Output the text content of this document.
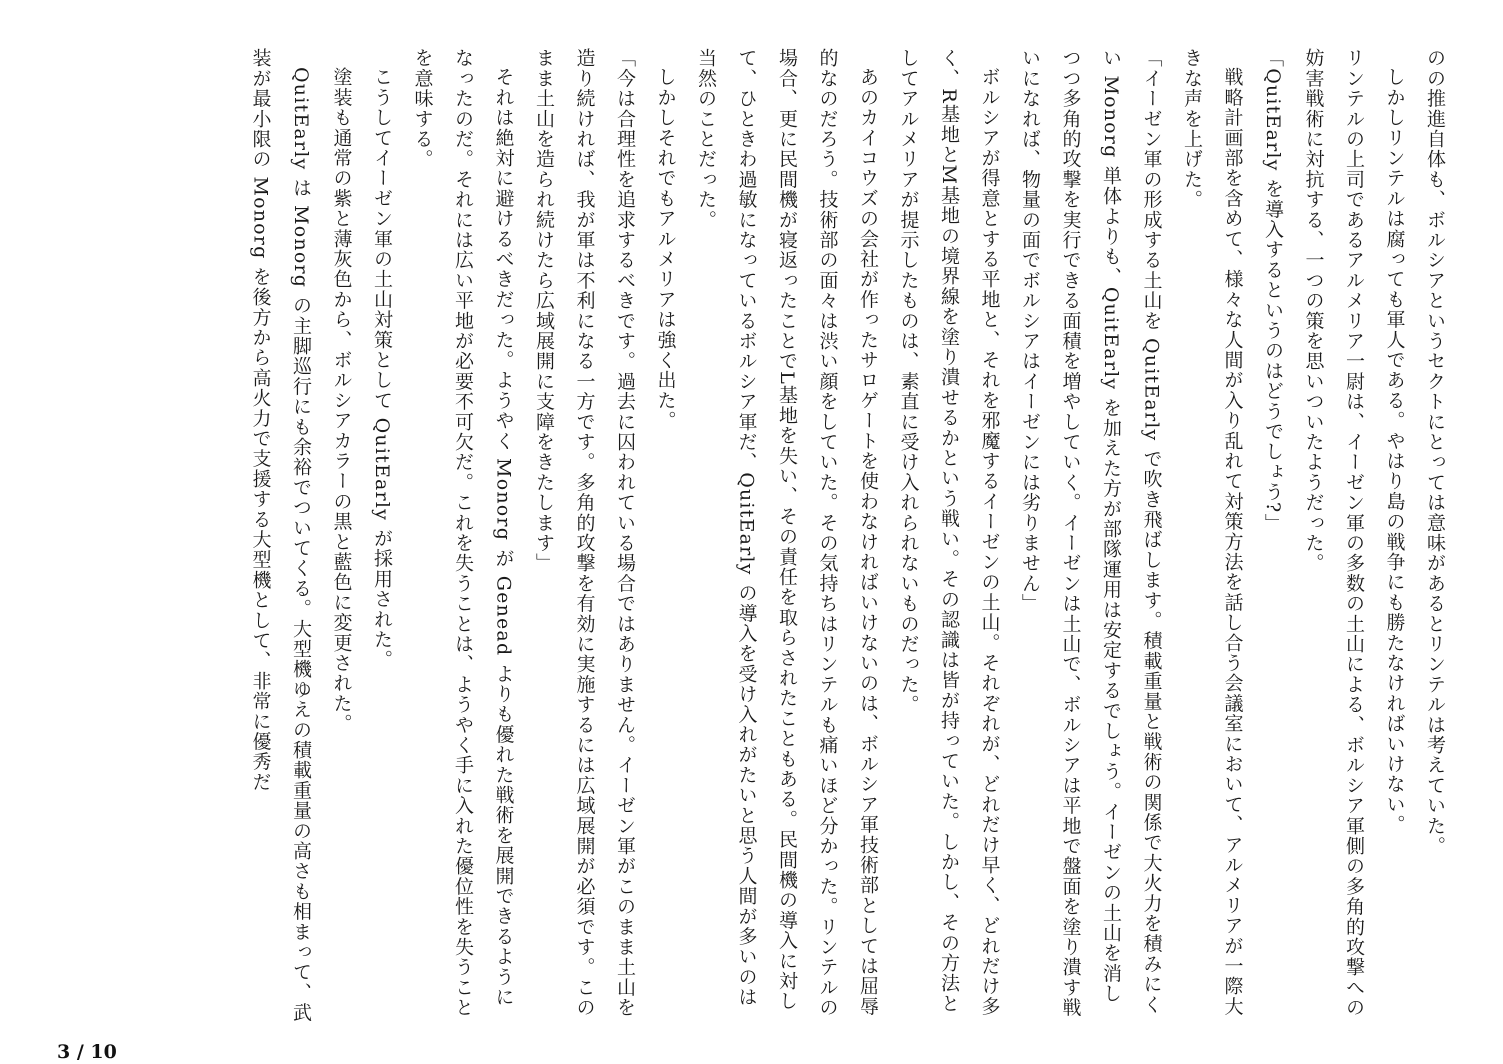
のの推進自体も、ボルシアというセクトにとっては意味があるとリンテルは考えていた。

しかしリンテルは腐っても軍人である。やはり島の戦争にも勝たなければいけない。

リンテルの上司であるアルメリア一尉は、イーゼン軍の多数の土山による、ボルシア軍側の多角的攻撃への妨害戦術に対抗する、一つの策を思いついたようだった。

「QuitEarly を導入するというのはどうでしょう?」

戦略計画部を含めて、様々な人間が入り乱れて対策方法を話し合う会議室において、アルメリアが一際大きな声を上げた。

「イーゼン軍の形成する土山を QuitEarly で吹き飛ばします。積載重量と戦術の関係で大火力を積みにくい Monorg 単体よりも、QuitEarly を加えた方が部隊運用は安定するでしょう。イーゼンの土山を消しつつ多角的攻撃を実行できる面積を増やしていく。イーゼンは土山で、ボルシアは平地で盤面を塗り潰す戦いになれば、物量の面でボルシアはイーゼンには劣りません」

ボルシアが得意とする平地と、それを邪魔するイーゼンの土山。それぞれが、どれだけ早く、どれだけ多く、R基地とM基地の境界線を塗り潰せるかという戦い。その認識は皆が持っていた。しかし、その方法としてアルメリアが提示したものは、素直に受け入れられないものだった。

あのカイコウズの会社が作ったサロゲートを使わなければいけないのは、ボルシア軍技術部としては屈辱的なのだろう。技術部の面々は渋い顔をしていた。その気持ちはリンテルも痛いほど分かった。リンテルの場合、更に民間機が寝返ったことでL基地を失い、その責任を取らされたこともある。民間機の導入に対して、ひときわ過敏になっているボルシア軍だ、QuitEarly の導入を受け入れがたいと思う人間が多いのは当然のことだった。

しかしそれでもアルメリアは強く出た。

「今は合理性を追求するべきです。過去に囚われている場合ではありません。イーゼン軍がこのまま土山を造り続ければ、我が軍は不利になる一方です。多角的攻撃を有効に実施するには広域展開が必須です。このまま土山を造られ続けたら広域展開に支障をきたします」

それは絶対に避けるべきだった。ようやく Monorg が Genead よりも優れた戦術を展開できるようになったのだ。それには広い平地が必要不可欠だ。これを失うことは、ようやく手に入れた優位性を失うことを意味する。

こうしてイーゼン軍の土山対策として QuitEarly が採用された。

塗装も通常の紫と薄灰色から、ボルシアカラーの黒と藍色に変更された。

QuitEarly は Monorg の主脚巡行にも余裕でついてくる。大型機ゆえの積載重量の高さも相まって、武装が最小限の Monorg を後方から高火力で支援する大型機として、非常に優秀だ

3 / 10
